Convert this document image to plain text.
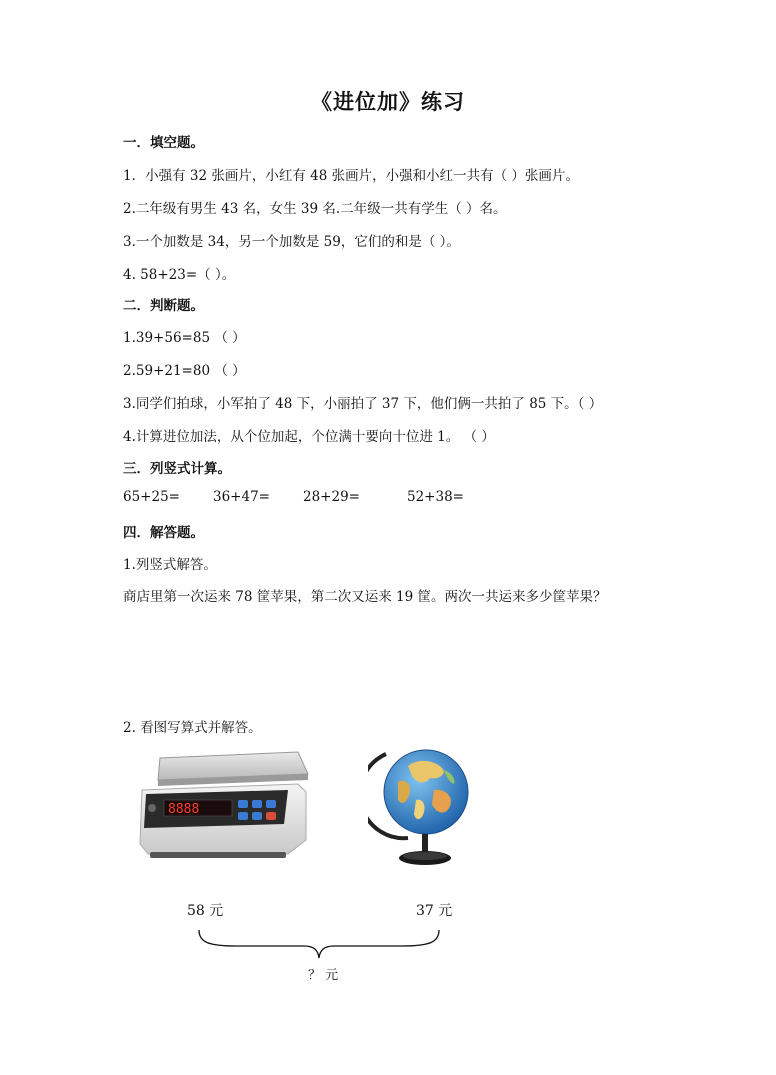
《进位加》练习
一．填空题。
1．小强有 32 张画片，小红有 48 张画片，小强和小红一共有（ ）张画片。
2.二年级有男生 43 名，女生 39 名.二年级一共有学生（ ）名。
3.一个加数是 34，另一个加数是 59，它们的和是（ ）。
4. 58+23=（ ）。
二．判断题。
1.39+56=85 （ ）
2.59+21=80 （ ）
3.同学们拍球，小军拍了 48 下，小丽拍了 37 下，他们俩一共拍了 85 下。（ ）
4.计算进位加法，从个位加起，个位满十要向十位进 1。 （ ）
三．列竖式计算。
65+25= 36+47= 28+29=	52+38=
四．解答题。
1.列竖式解答。
商店里第一次运来 78 筐苹果，第二次又运来 19 筐。两次一共运来多少筐苹果？
2. 看图写算式并解答。
8888
58 元	37 元
？ 元
